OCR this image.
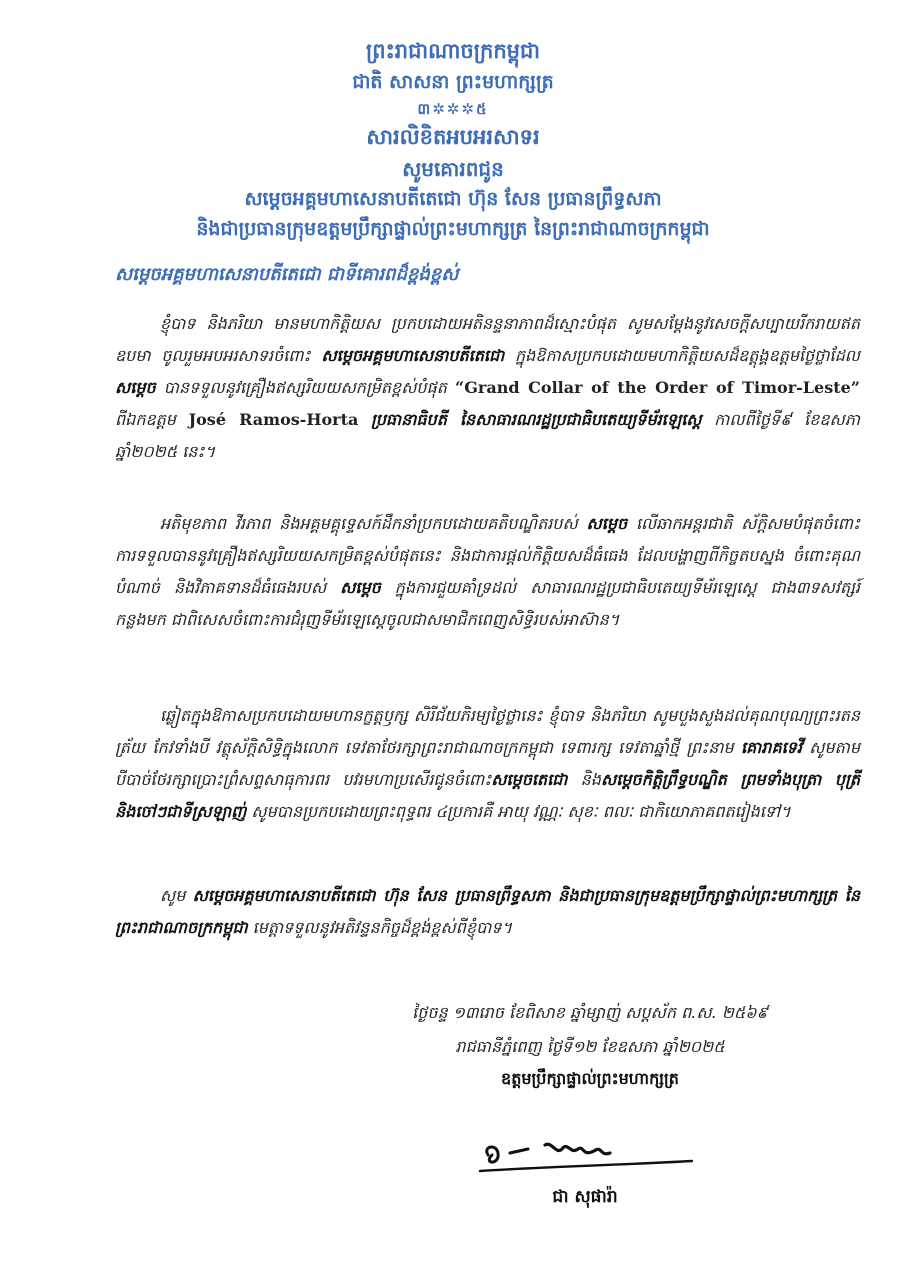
ព្រះរាជាណាចក្រកម្ពុជា
ជាតិ សាសនា ព្រះមហាក្សត្រ
៣✲✲✲៥
សារលិខិតអបអរសាទរ
សូមគោរពជូន
សម្តេចអគ្គមហាសេនាបតីតេជោ ហ៊ុន សែន ប្រធានព្រឹទ្ធសភា
និងជាប្រធានក្រុមឧត្តមប្រឹក្សាផ្ទាល់ព្រះមហាក្សត្រ នៃព្រះរាជាណាចក្រកម្ពុជា
សម្តេចអគ្គមហាសេនាបតីតេជោ ជាទីគោរពដ៏ខ្ពង់ខ្ពស់
ខ្ញុំបាទ និងភរិយា មានមហាកិត្តិយស ប្រកបដោយអតិនន្ទនាភាពដ៏ស្មោះបំផុត សូមសម្តែងនូវសេចក្តីសប្បាយរីករាយឥតឧបមា ចូលរួមអបអរសាទរចំពោះ សម្តេចអគ្គមហាសេនាបតីតេជោ ក្នុងឱកាសប្រកបដោយមហាកិត្តិយសដ៏ឧត្តុង្គឧត្តមថ្ងៃថ្លាដែល សម្តេច បានទទួលនូវគ្រឿងឥស្សរិយយសកម្រិតខ្ពស់បំផុត “Grand Collar of the Order of Timor-Leste” ពីឯកឧត្តម José Ramos-Horta ប្រធានាធិបតី នៃសាធារណរដ្ឋប្រជាធិបតេយ្យទីម័រឡេស្តេ កាលពីថ្ងៃទី៩ ខែឧសភា ឆ្នាំ២០២៥ នេះ។
អតិមុខភាព វីរភាព និងអគ្គមគ្គុទ្ទេសក៍ដឹកនាំប្រកបដោយគតិបណ្ឌិតរបស់ សម្តេច លើឆាកអន្តរជាតិ ស័ក្តិសមបំផុតចំពោះការទទួលបាននូវគ្រឿងឥស្សរិយយសកម្រិតខ្ពស់បំផុតនេះ និងជាការផ្តល់កិត្តិយសដ៏ធំធេង ដែលបង្ហាញពីកិច្ចតបស្នង ចំពោះគុណបំណាច់ និងវិភាគទានដ៏ធំធេងរបស់ សម្តេច ក្នុងការជួយគាំទ្រដល់ សាធារណរដ្ឋប្រជាធិបតេយ្យទីម័រឡេស្តេ ជាង៣ទសវត្សរ៍កន្លងមក ជាពិសេសចំពោះការជំរុញទីម័រឡេស្តេចូលជាសមាជិកពេញសិទ្ធិរបស់អាស៊ាន។
ឆ្លៀតក្នុងឱកាសប្រកបដោយមហានក្ខត្តឫក្ស សិរីជ័យភិរម្យថ្ងៃថ្លានេះ ខ្ញុំបាទ និងភរិយា សូមបួងសួងដល់គុណបុណ្យព្រះរតនត្រ័យ កែវទាំងបី វត្ថុស័ក្តិសិទ្ធិក្នុងលោក ទេវតាថែរក្សាព្រះរាជាណាចក្រកម្ពុជា ទេពារក្ស ទេវតាឆ្នាំថ្មី ព្រះនាម គោរាគទេវី សូមតាមបីបាច់ថែរក្សាប្រោះព្រំសព្ទសាធុការពរ បវរមហាប្រសើរជូនចំពោះសម្តេចតេជោ និងសម្តេចកិត្តិព្រឹទ្ធបណ្ឌិត ព្រមទាំងបុត្រា បុត្រី និងចៅៗជាទីស្រឡាញ់ សូមបានប្រកបដោយព្រះពុទ្ធពរ ៤ប្រការគឺ អាយុ វណ្ណៈ សុខៈ ពលៈ ជាកិយោភាគពតរៀងទៅ។
សូម សម្តេចអគ្គមហាសេនាបតីតេជោ ហ៊ុន សែន ប្រធានព្រឹទ្ធសភា និងជាប្រធានក្រុមឧត្តមប្រឹក្សាផ្ទាល់ព្រះមហាក្សត្រ នៃព្រះរាជាណាចក្រកម្ពុជា មេត្តាទទួលនូវអតិវន្ទនកិច្ចដ៏ខ្ពង់ខ្ពស់ពីខ្ញុំបាទ។
ថ្ងៃចន្ទ ១៣រោច ខែពិសាខ ឆ្នាំម្សាញ់ សប្តស័ក ព.ស. ២៥៦៩
រាជធានីភ្នំពេញ ថ្ងៃទី១២ ខែឧសភា ឆ្នាំ២០២៥
ឧត្តមប្រឹក្សាផ្ទាល់ព្រះមហាក្សត្រ
ជា សុផារ៉ា
